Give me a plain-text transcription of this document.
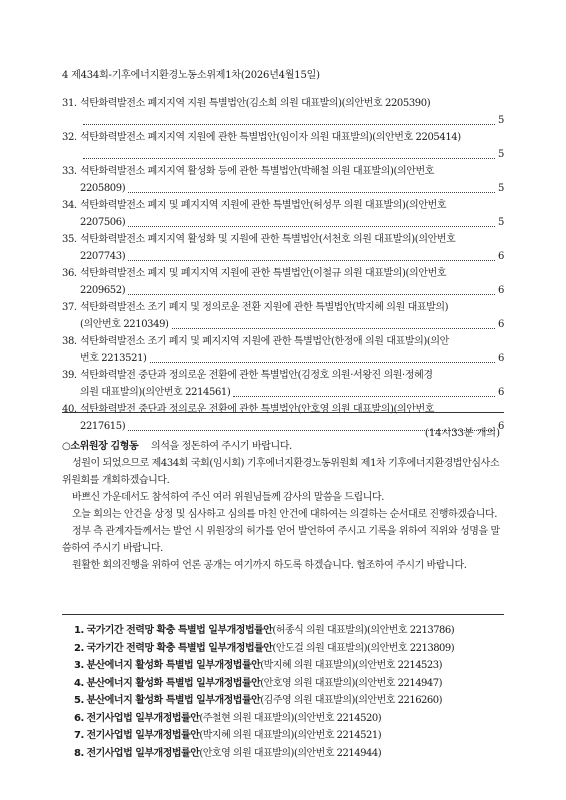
4 제434회-기후에너지환경노동소위제1차(2026년4월15일)
31. 석탄화력발전소 폐지지역 지원 특별법안(김소희 의원 대표발의)(의안번호 2205390)
5
32. 석탄화력발전소 폐지지역 지원에 관한 특별법안(임이자 의원 대표발의)(의안번호 2205414)
5
33. 석탄화력발전소 폐지지역 활성화 등에 관한 특별법안(박해철 의원 대표발의)(의안번호
2205809)	5
34. 석탄화력발전소 폐지 및 폐지지역 지원에 관한 특별법안(허성무 의원 대표발의)(의안번호
2207506)	5
35. 석탄화력발전소 폐지지역 활성화 및 지원에 관한 특별법안(서천호 의원 대표발의)(의안번호
2207743)	6
36. 석탄화력발전소 폐지 및 폐지지역 지원에 관한 특별법안(이철규 의원 대표발의)(의안번호
2209652)	6
37. 석탄화력발전소 조기 폐지 및 정의로운 전환 지원에 관한 특별법안(박지혜 의원 대표발의)
(의안번호 2210349)	6
38. 석탄화력발전소 조기 폐지 및 폐지지역 지원에 관한 특별법안(한정애 의원 대표발의)(의안
번호 2213521)	6
39. 석탄화력발전 중단과 정의로운 전환에 관한 특별법안(김정호 의원·서왕진 의원·정혜경
의원 대표발의)(의안번호 2214561)	6
40. 석탄화력발전 중단과 정의로운 전환에 관한 특별법안(안호영 의원 대표발의)(의안번호
2217615)	6
(14시33분 개의)
○소위원장 김형동 의석을 정돈하여 주시기 바랍니다.

성원이 되었으므로 제434회 국회(임시회) 기후에너지환경노동위원회 제1차 기후에너지환경법안심사소위원회를 개회하겠습니다.

바쁘신 가운데서도 참석하여 주신 여러 위원님들께 감사의 말씀을 드립니다.

오늘 회의는 안건을 상정 및 심사하고 심의를 마친 안건에 대하여는 의결하는 순서대로 진행하겠습니다.

정부 측 관계자들께서는 발언 시 위원장의 허가를 얻어 발언하여 주시고 기록을 위하여 직위와 성명을 말씀하여 주시기 바랍니다.

원활한 회의진행을 위하여 언론 공개는 여기까지 하도록 하겠습니다. 협조하여 주시기 바랍니다.

1. 국가기간 전력망 확충 특별법 일부개정법률안(허종식 의원 대표발의)(의안번호 2213786)
2. 국가기간 전력망 확충 특별법 일부개정법률안(안도걸 의원 대표발의)(의안번호 2213809)
3. 분산에너지 활성화 특별법 일부개정법률안(박지혜 의원 대표발의)(의안번호 2214523)
4. 분산에너지 활성화 특별법 일부개정법률안(안호영 의원 대표발의)(의안번호 2214947)
5. 분산에너지 활성화 특별법 일부개정법률안(김주영 의원 대표발의)(의안번호 2216260)
6. 전기사업법 일부개정법률안(주철현 의원 대표발의)(의안번호 2214520)
7. 전기사업법 일부개정법률안(박지혜 의원 대표발의)(의안번호 2214521)
8. 전기사업법 일부개정법률안(안호영 의원 대표발의)(의안번호 2214944)
